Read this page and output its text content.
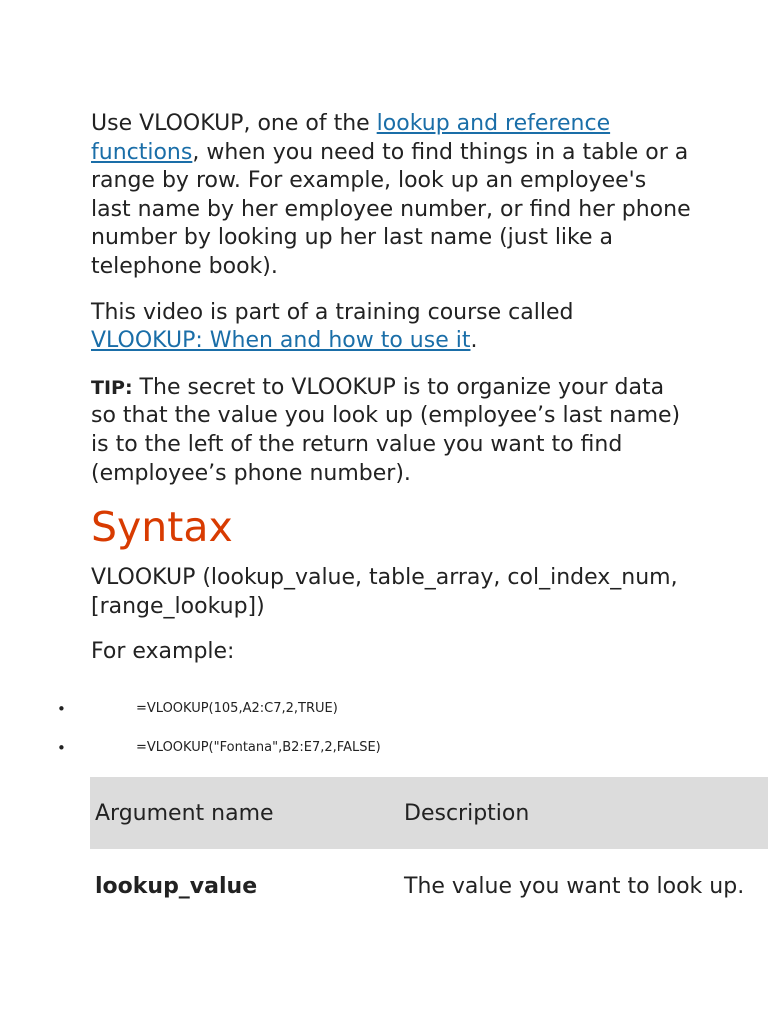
Use VLOOKUP, one of the lookup and reference functions, when you need to find things in a table or a range by row. For example, look up an employee's last name by her employee number, or find her phone number by looking up her last name (just like a telephone book).

This video is part of a training course called VLOOKUP: When and how to use it.

TIP: The secret to VLOOKUP is to organize your data so that the value you look up (employee’s last name) is to the left of the return value you want to find (employee’s phone number).

Syntax

VLOOKUP (lookup_value, table_array, col_index_num, [range_lookup])

For example:

•	=VLOOKUP(105,A2:C7,2,TRUE)
•	=VLOOKUP("Fontana",B2:E7,2,FALSE)
Argument name	Description
lookup_value	The value you want to look up.
